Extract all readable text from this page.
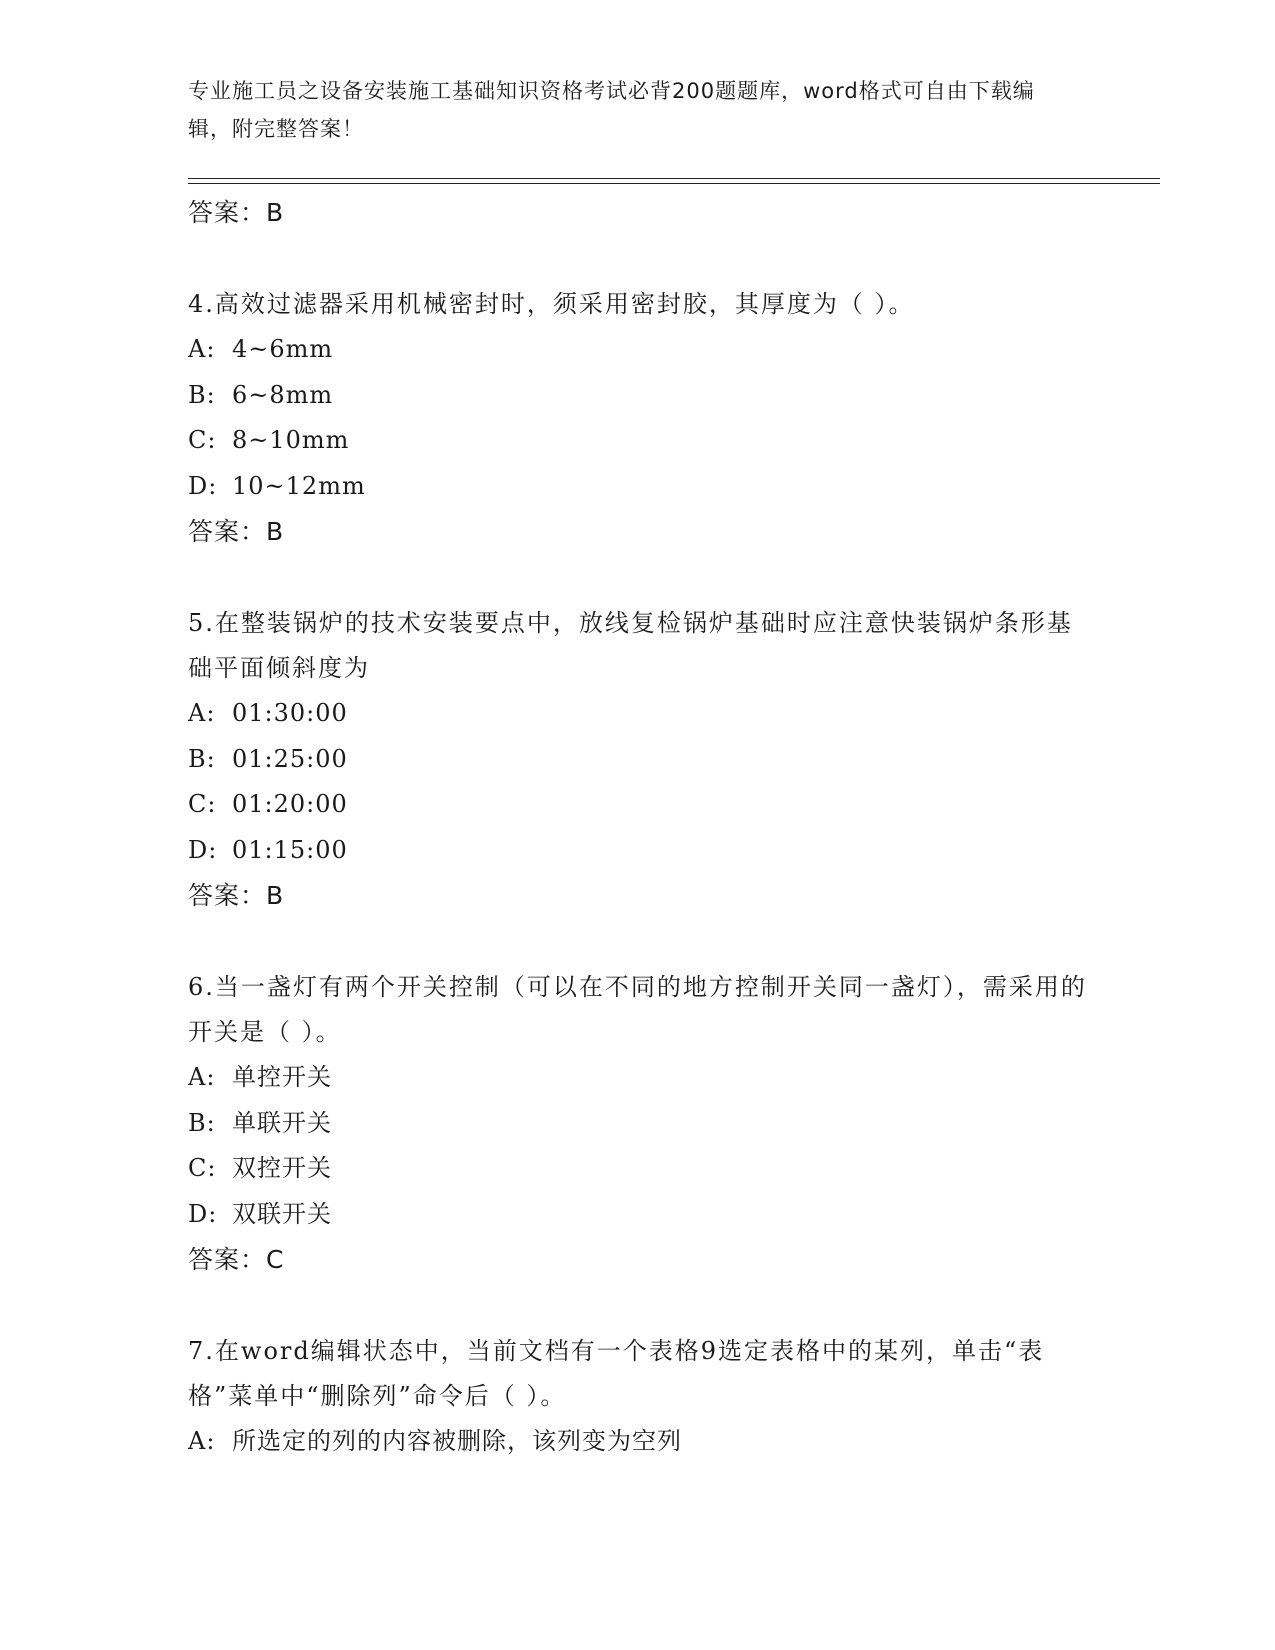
专业施工员之设备安装施工基础知识资格考试必背200题题库，word格式可自由下载编辑，附完整答案！
答案：B
4.高效过滤器采用机械密封时，须采用密封胶，其厚度为（ ）。
A: 4~6mm
B: 6~8mm
C: 8~10mm
D: 10~12mm
答案：B
5.在整装锅炉的技术安装要点中，放线复检锅炉基础时应注意快装锅炉条形基础平面倾斜度为
A: 01:30:00
B: 01:25:00
C: 01:20:00
D: 01:15:00
答案：B
6.当一盏灯有两个开关控制（可以在不同的地方控制开关同一盏灯），需采用的开关是（ ）。
A: 单控开关
B: 单联开关
C: 双控开关
D: 双联开关
答案：C
7.在word编辑状态中，当前文档有一个表格9选定表格中的某列，单击“表格”菜单中“删除列”命令后（ ）。
A: 所选定的列的内容被删除，该列变为空列
